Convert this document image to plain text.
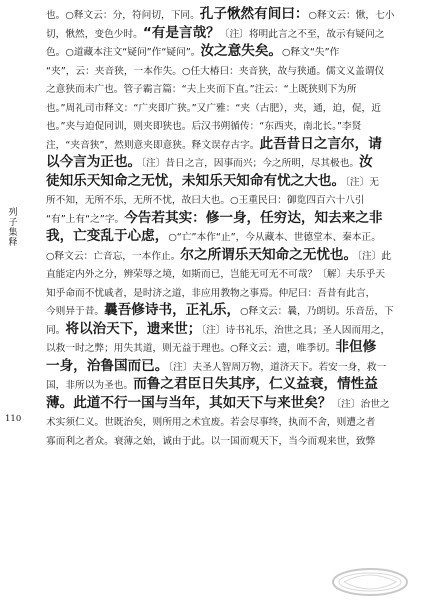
列子集释
110
也。○释文云：分，符问切，下同。孔子愀然有间曰：○释文云：愀，七小
切，愀然，变色少时。“有是言哉？〔注〕将明此言之不至，故示有疑问之
色。○道藏本注文“疑问”作“疑问”。汝之意失矣。○释文“失”作
“夹”，云：夹音狭，一本作失。○任大椿曰：夹音狭，故与狭通。儒文义盖谓仪
之意狭而未广也。管子霸言篇：“夫上夹而下直。”注云：“上既狭则下为所
也。”周礼司市释文：“广夹即广狭。”又广雅：“夹（古肥），夹，通，迫，促，近
也。”夹与迫促同训，则夹即狭也。后汉书朔循传：“东西夹，南北长。”李贤
注，“夹音狭”，然则意夹即意狭。释文误存古字。此吾昔日之言尔，请
以今言为正也。〔注〕昔日之言，因事而兴；今之所明，尽其极也。汝
徒知乐天知命之无忧，未知乐天知命有忧之大也。〔注〕无
所不知，无所不乐，无所不忧，故曰大也。○王重民曰：御览四百六十八引
“有”上有“之”字。今告若其实：修一身，任穷达，知去来之非
我，亡变乱于心虑，○“亡”本作“止”，今从藏本、世德堂本、秦本正。
○释文云：亡音忘，一本作止。尔之所谓乐天知命之无忧也。〔注〕此
直能定内外之分，辨荣辱之境，如斯而已，岂能无可无不可哉？〔解〕夫乐乎天
知乎命而不忧戚者，是时济之道，非应用教物之事焉。仲尼曰：吾昔有此言，
今则异于昔。曩吾修诗书，正礼乐，○释文云：曩，乃朗切。乐音岳，下
同。将以治天下，遗来世；〔注〕诗书礼乐，治世之具；圣人因而用之，
以救一时之弊；用失其道，则无益于理也。○释文云：遗，唯季切。非但修
一身，治鲁国而已。〔注〕夫圣人智周万物，道济天下。若安一身，救一
国，非所以为圣也。而鲁之君臣日失其序，仁义益衰，情性益
薄。此道不行一国与当年，其如天下与来世矣？〔注〕治世之
术实须仁义。世既治矣，则所用之术宜废。若会尽事终，执而不舍，则遭之者
寡而利之者众。衰薄之始，诚由于此。以一国而观天下，当今而观来世，致弊
